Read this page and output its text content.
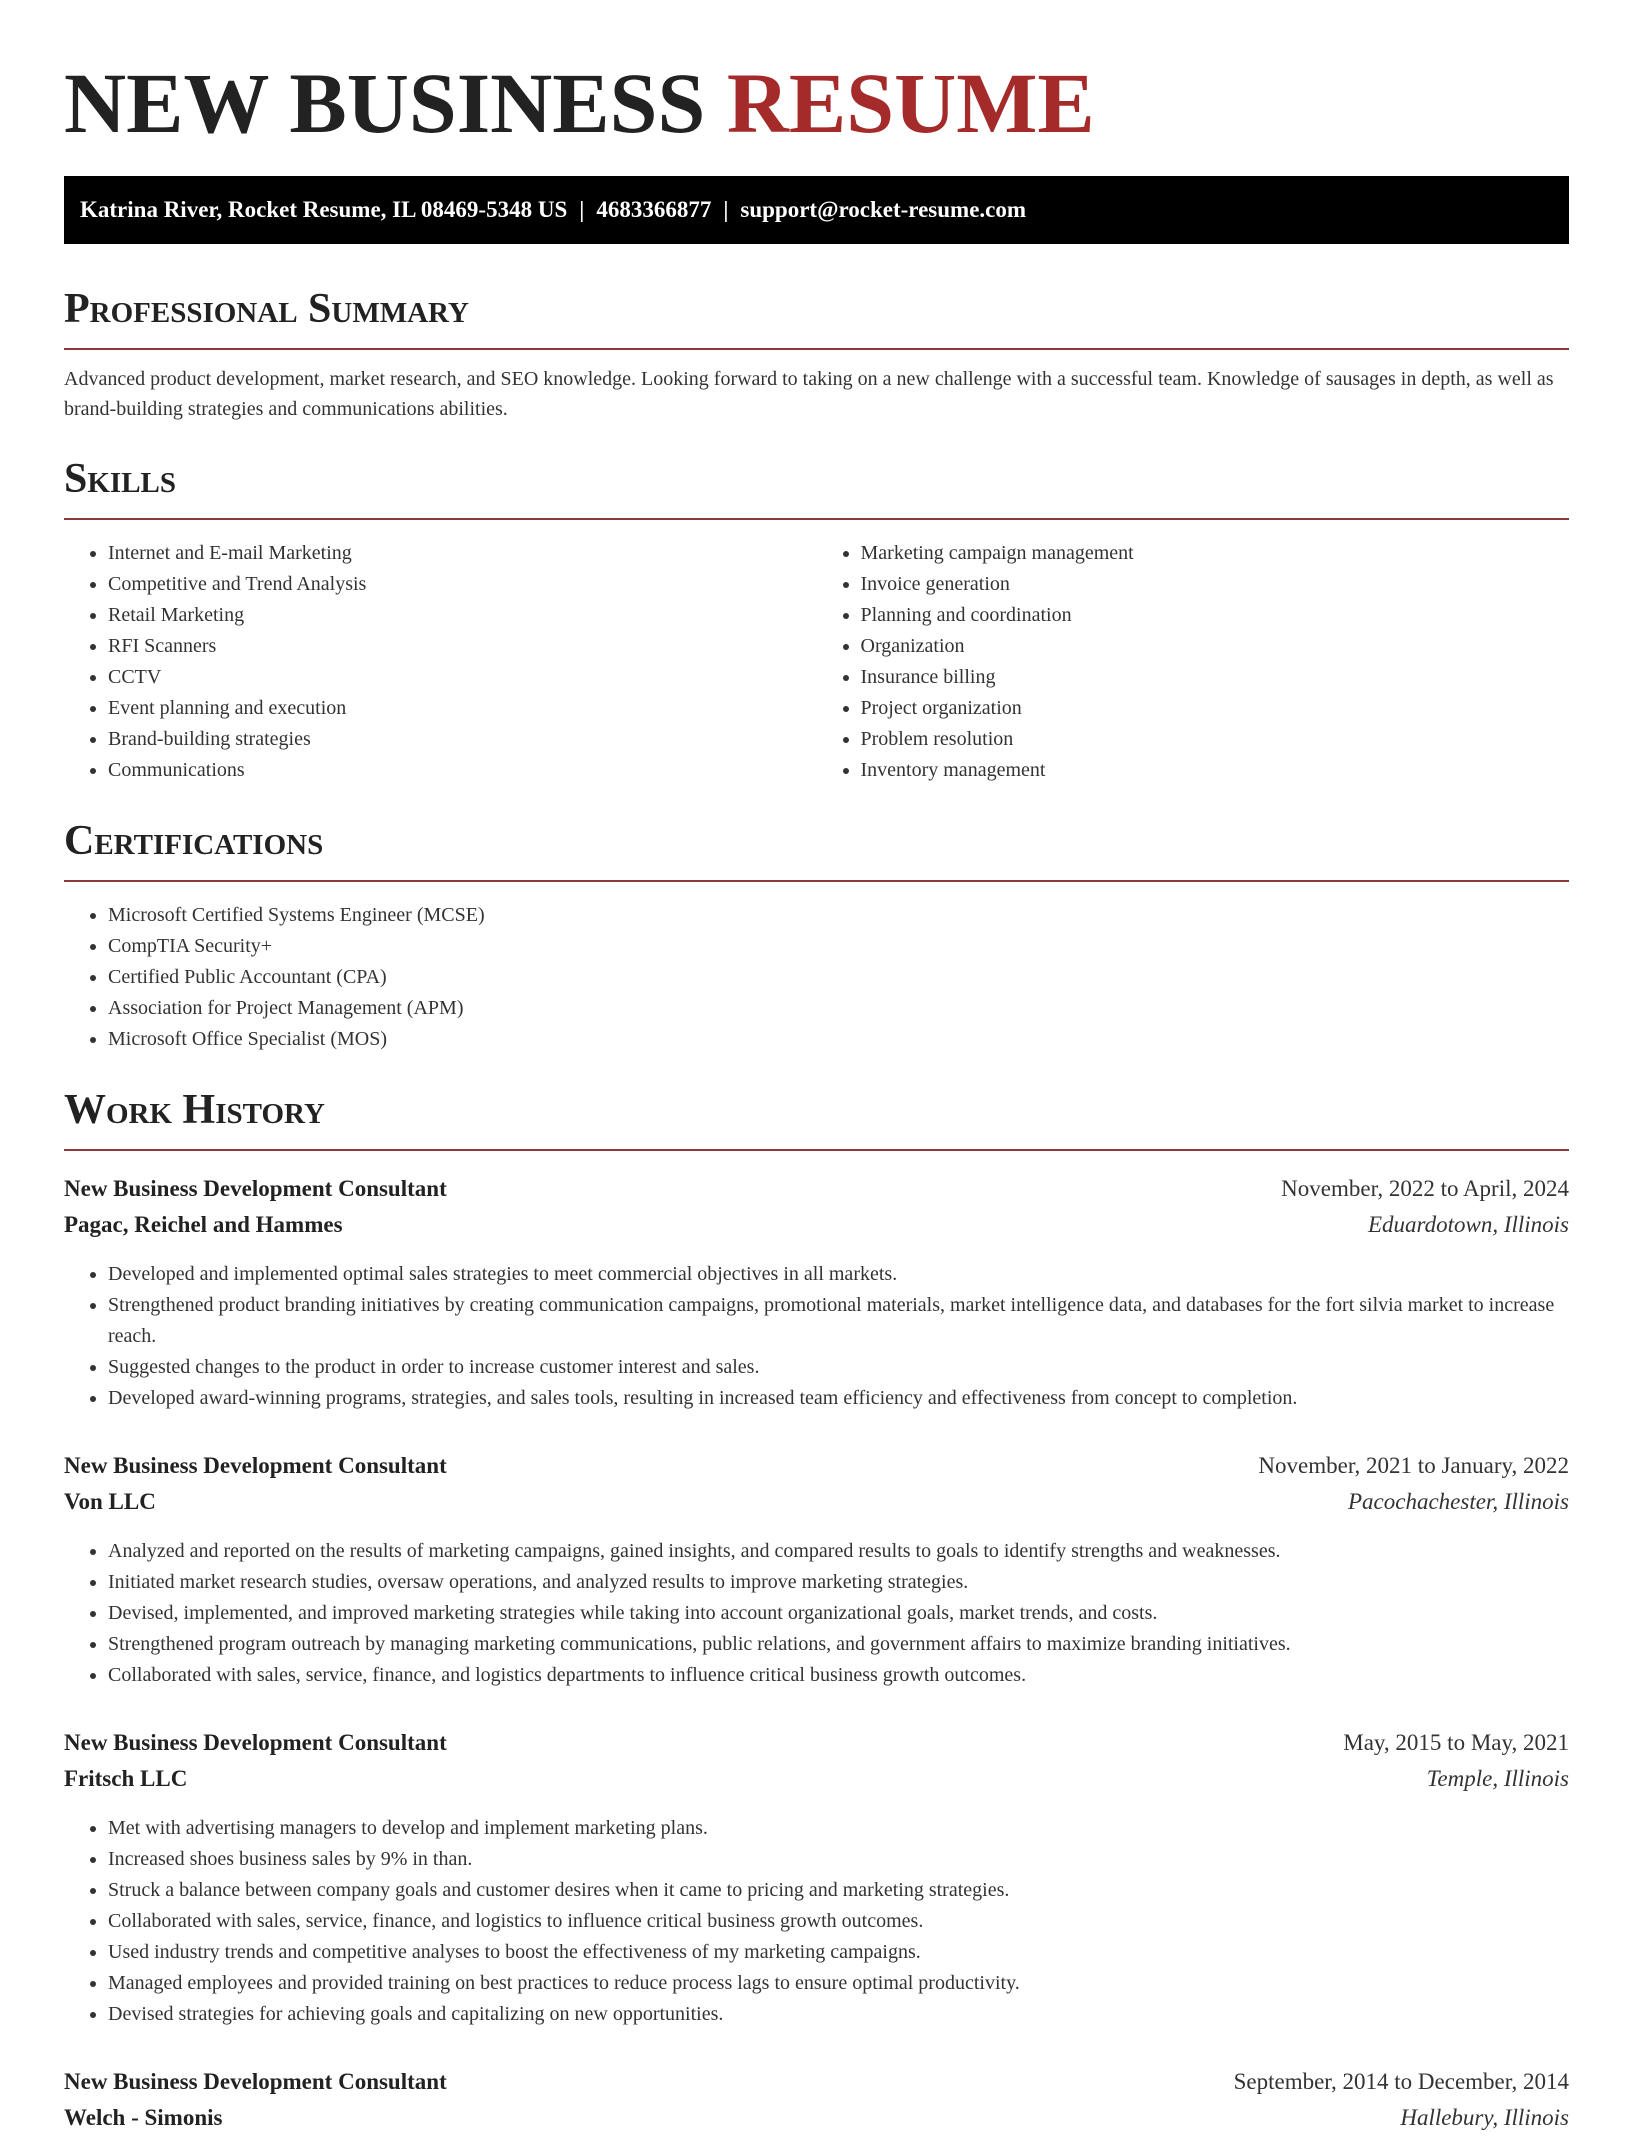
NEW BUSINESS RESUME
Katrina River, Rocket Resume, IL 08469-5348 US | 4683366877 | support@rocket-resume.com
Professional Summary

Advanced product development, market research, and SEO knowledge. Looking forward to taking on a new challenge with a successful team. Knowledge of sausages in depth, as well as brand-building strategies and communications abilities.

Skills
• Internet and E-mail Marketing
• Competitive and Trend Analysis
• Retail Marketing
• RFI Scanners
• CCTV
• Event planning and execution
• Brand-building strategies
• Communications
• Marketing campaign management
• Invoice generation
• Planning and coordination
• Organization
• Insurance billing
• Project organization
• Problem resolution
• Inventory management
Certifications
• Microsoft Certified Systems Engineer (MCSE)
• CompTIA Security+
• Certified Public Accountant (CPA)
• Association for Project Management (APM)
• Microsoft Office Specialist (MOS)
Work History
New Business Development Consultant	November, 2022 to April, 2024
Pagac, Reichel and Hammes	Eduardotown, Illinois
• Developed and implemented optimal sales strategies to meet commercial objectives in all markets.
• Strengthened product branding initiatives by creating communication campaigns, promotional materials, market intelligence data, and databases for the fort silvia market to increase reach.
• Suggested changes to the product in order to increase customer interest and sales.
• Developed award-winning programs, strategies, and sales tools, resulting in increased team efficiency and effectiveness from concept to completion.
New Business Development Consultant	November, 2021 to January, 2022
Von LLC	Pacochachester, Illinois
• Analyzed and reported on the results of marketing campaigns, gained insights, and compared results to goals to identify strengths and weaknesses.
• Initiated market research studies, oversaw operations, and analyzed results to improve marketing strategies.
• Devised, implemented, and improved marketing strategies while taking into account organizational goals, market trends, and costs.
• Strengthened program outreach by managing marketing communications, public relations, and government affairs to maximize branding initiatives.
• Collaborated with sales, service, finance, and logistics departments to influence critical business growth outcomes.
New Business Development Consultant	May, 2015 to May, 2021
Fritsch LLC	Temple, Illinois
• Met with advertising managers to develop and implement marketing plans.
• Increased shoes business sales by 9% in than.
• Struck a balance between company goals and customer desires when it came to pricing and marketing strategies.
• Collaborated with sales, service, finance, and logistics to influence critical business growth outcomes.
• Used industry trends and competitive analyses to boost the effectiveness of my marketing campaigns.
• Managed employees and provided training on best practices to reduce process lags to ensure optimal productivity.
• Devised strategies for achieving goals and capitalizing on new opportunities.
New Business Development Consultant	September, 2014 to December, 2014
Welch - Simonis	Hallebury, Illinois
